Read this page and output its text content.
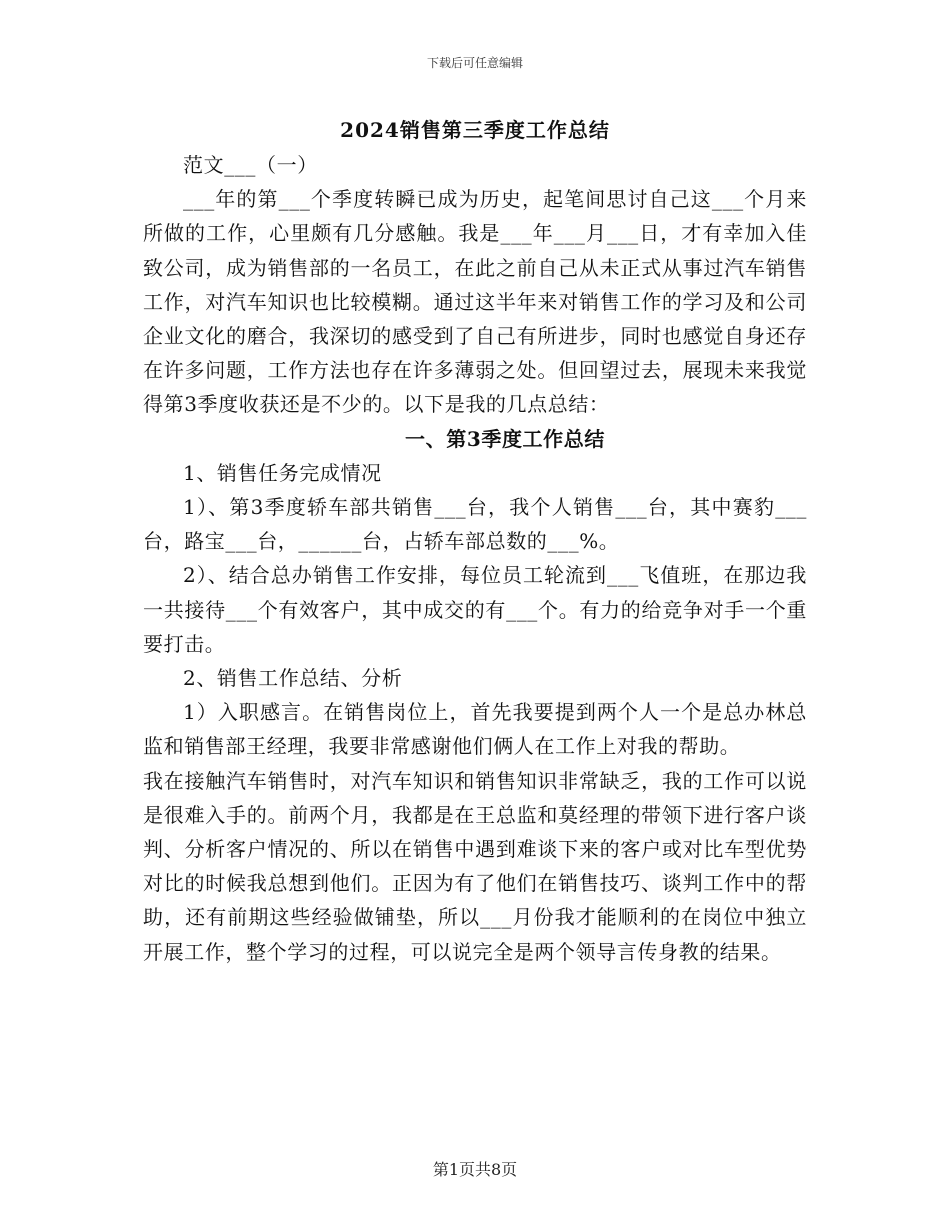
下载后可任意编辑
2024销售第三季度工作总结

范文___（一）

___年的第___个季度转瞬已成为历史，起笔间思讨自己这___个月来所做的工作，心里颇有几分感触。我是___年___月___日，才有幸加入佳致公司，成为销售部的一名员工，在此之前自己从未正式从事过汽车销售工作，对汽车知识也比较模糊。通过这半年来对销售工作的学习及和公司企业文化的磨合，我深切的感受到了自己有所进步，同时也感觉自身还存在许多问题，工作方法也存在许多薄弱之处。但回望过去，展现未来我觉得第3季度收获还是不少的。以下是我的几点总结：

一、第3季度工作总结

1、销售任务完成情况

1）、第3季度轿车部共销售___台，我个人销售___台，其中赛豹___台，路宝___台，______台，占轿车部总数的___%。

2）、结合总办销售工作安排，每位员工轮流到___飞值班，在那边我一共接待___个有效客户，其中成交的有___个。有力的给竞争对手一个重要打击。

2、销售工作总结、分析

1）入职感言。在销售岗位上，首先我要提到两个人一个是总办林总监和销售部王经理，我要非常感谢他们俩人在工作上对我的帮助。

我在接触汽车销售时，对汽车知识和销售知识非常缺乏，我的工作可以说是很难入手的。前两个月，我都是在王总监和莫经理的带领下进行客户谈判、分析客户情况的、所以在销售中遇到难谈下来的客户或对比车型优势对比的时候我总想到他们。正因为有了他们在销售技巧、谈判工作中的帮助，还有前期这些经验做铺垫，所以___月份我才能顺利的在岗位中独立开展工作，整个学习的过程，可以说完全是两个领导言传身教的结果。

第1页共8页
